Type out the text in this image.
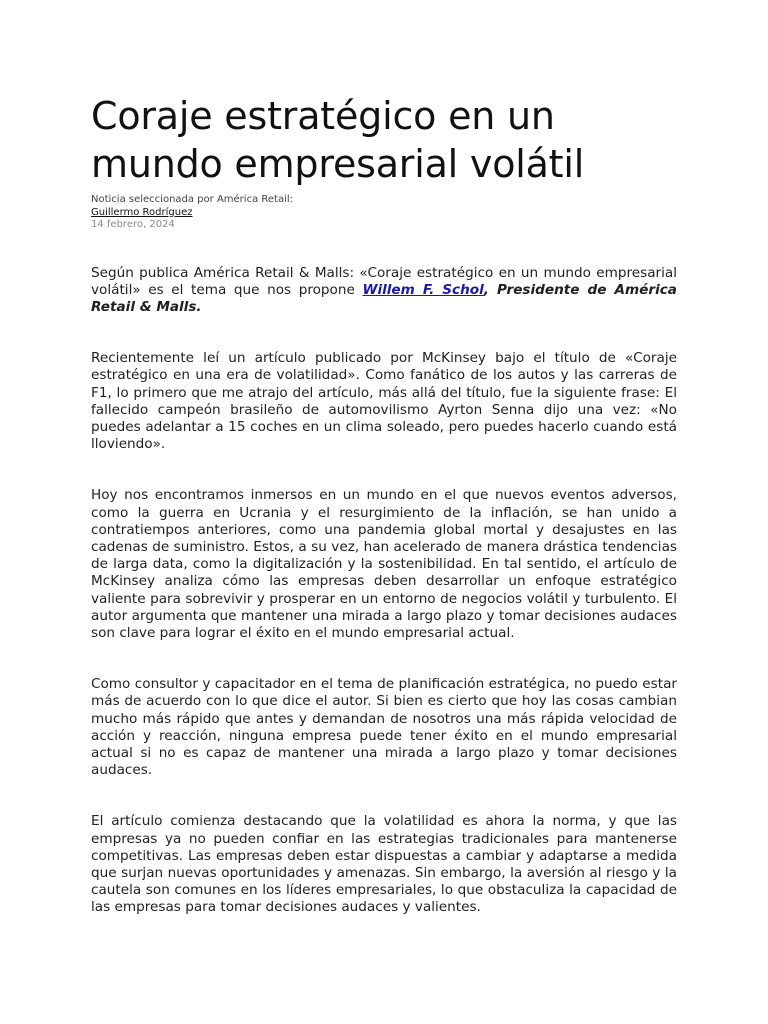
Coraje estratégico en un mundo empresarial volátil
Noticia seleccionada por América Retail:
Guillermo Rodríguez
14 febrero, 2024

Según publica América Retail & Malls: «Coraje estratégico en un mundo empresarial volátil» es el tema que nos propone Willem F. Schol, Presidente de América Retail & Malls.

Recientemente leí un artículo publicado por McKinsey bajo el título de «Coraje estratégico en una era de volatilidad». Como fanático de los autos y las carreras de F1, lo primero que me atrajo del artículo, más allá del título, fue la siguiente frase: El fallecido campeón brasileño de automovilismo Ayrton Senna dijo una vez: «No puedes adelantar a 15 coches en un clima soleado, pero puedes hacerlo cuando está lloviendo».

Hoy nos encontramos inmersos en un mundo en el que nuevos eventos adversos, como la guerra en Ucrania y el resurgimiento de la inflación, se han unido a contratiempos anteriores, como una pandemia global mortal y desajustes en las cadenas de suministro. Estos, a su vez, han acelerado de manera drástica tendencias de larga data, como la digitalización y la sostenibilidad. En tal sentido, el artículo de McKinsey analiza cómo las empresas deben desarrollar un enfoque estratégico valiente para sobrevivir y prosperar en un entorno de negocios volátil y turbulento. El autor argumenta que mantener una mirada a largo plazo y tomar decisiones audaces son clave para lograr el éxito en el mundo empresarial actual.

Como consultor y capacitador en el tema de planificación estratégica, no puedo estar más de acuerdo con lo que dice el autor. Si bien es cierto que hoy las cosas cambian mucho más rápido que antes y demandan de nosotros una más rápida velocidad de acción y reacción, ninguna empresa puede tener éxito en el mundo empresarial actual si no es capaz de mantener una mirada a largo plazo y tomar decisiones audaces.

El artículo comienza destacando que la volatilidad es ahora la norma, y que las empresas ya no pueden confiar en las estrategias tradicionales para mantenerse competitivas. Las empresas deben estar dispuestas a cambiar y adaptarse a medida que surjan nuevas oportunidades y amenazas. Sin embargo, la aversión al riesgo y la cautela son comunes en los líderes empresariales, lo que obstaculiza la capacidad de las empresas para tomar decisiones audaces y valientes.
